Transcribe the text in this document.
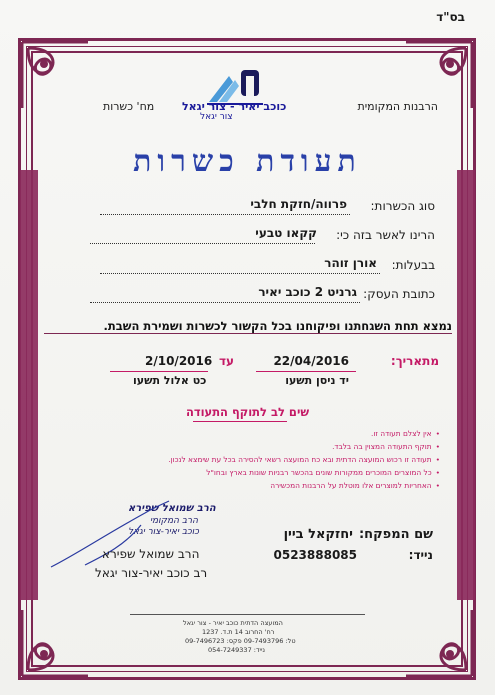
בס"ד
כוכב יאיר - צור יגאל
צור יגאל
מח' כשרות	הרבנות המקומית
תעודת כשרות
סוג הכשרות:
פרווה/חזקת חלבי
הרינו לאשר בזה כי:
קקאו טבעי
בבעלות:
אורן זוהר
כתובת העסק:
גרניט 2 כוכב יאיר
נמצא תחת השגחתנו ופיקוחנו בכל הקשור לכשרות ושמירת השבת.
מתאריך:
22/04/2016
עד
2/10/2016
יד ניסן תשעו
כט אלול תשעו
שים לב לתוקף התעודה
• אין לצלם תעודה זו.
• תוקף התעודה המצוין בה בלבד.
• תעודה זו רכוש המועצה הדתית ובא כח המועצה רשאי להסירה בכל עת שימצא לנכון.
• כל המוצרים המוכרים ממקורות שונים בהכשר רבניות שונות בארץ ובחו"ל
• האחריות למוצרים אלו מוטלת על הרבנות המכשירה
שם המפקח:
יחזקאל ביין
נייד:
0523888085
הרב שמואל שפירא
הרב המקומי
כוכב יאיר-צור יגאל
הרב שמואל שפירא
רב כוכב יאיר-צור יגאל
המועצה הדתית כוכב יאיר - צור יגאל
רח' החרוב 14 ת.ד. 1237
טל: 09-7493796 פקס: 09-7496723
נייד: 054-7249337
